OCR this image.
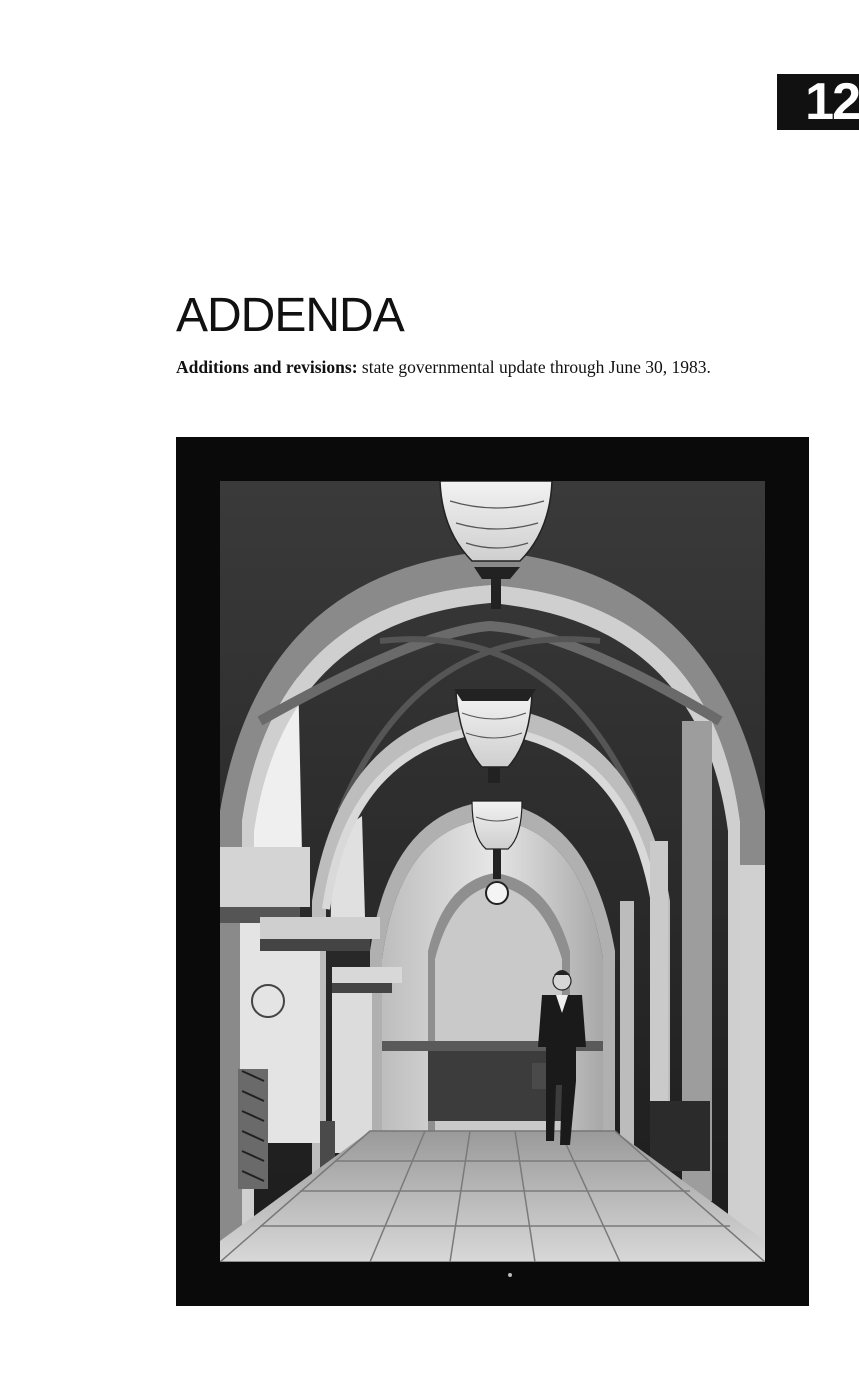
12
ADDENDA

Additions and revisions: state governmental update through June 30, 1983.
